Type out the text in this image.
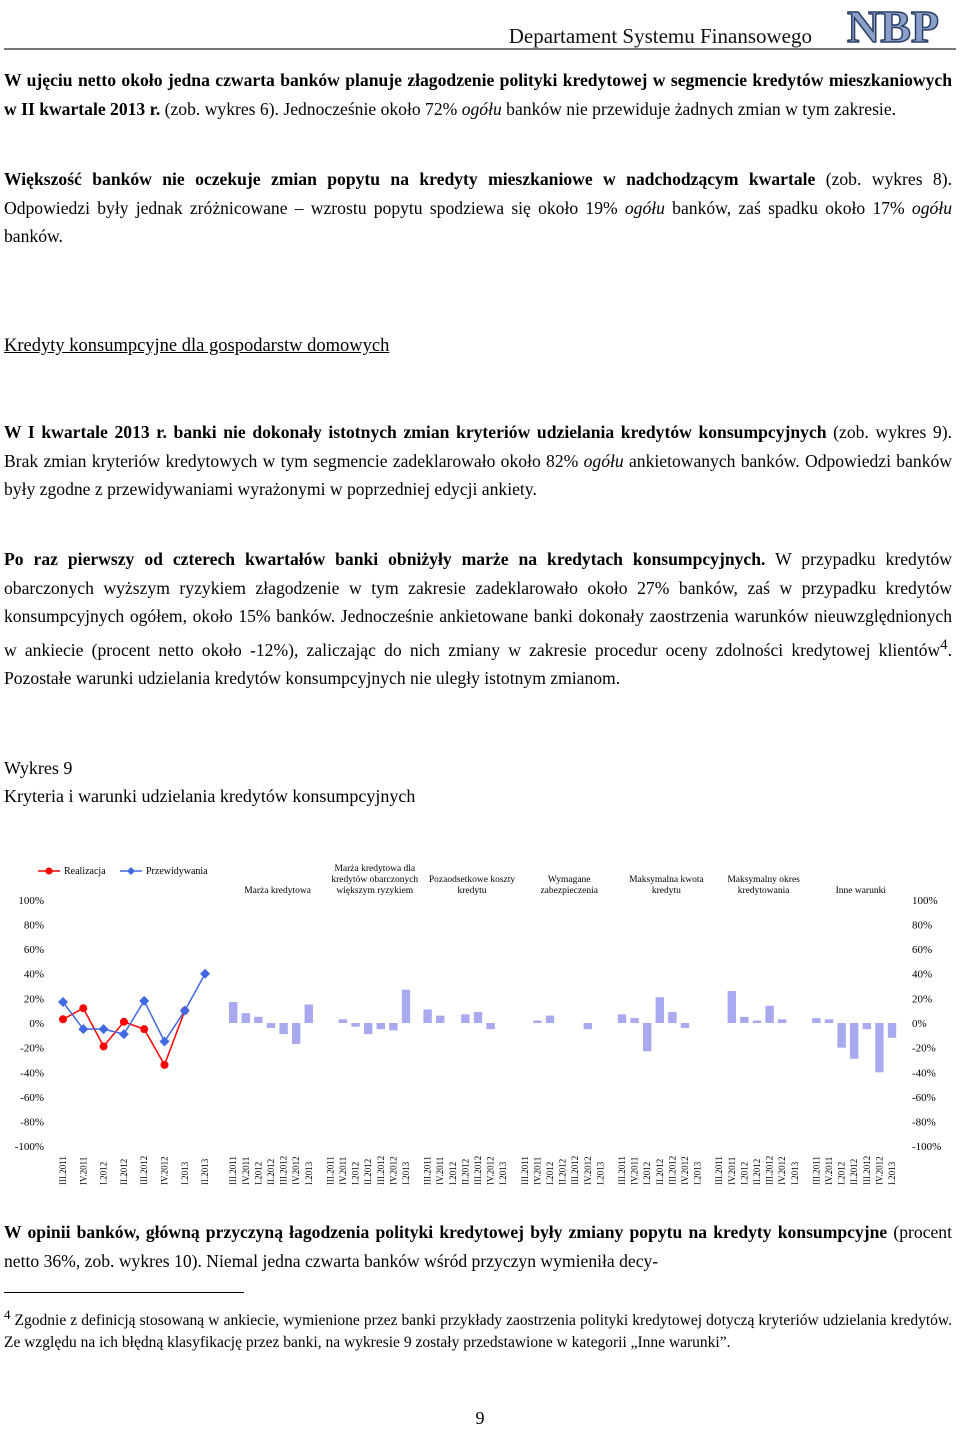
Departament Systemu Finansowego NBP

W ujęciu netto około jedna czwarta banków planuje złagodzenie polityki kredytowej w segmencie kredytów mieszkaniowych w II kwartale 2013 r. (zob. wykres 6). Jednocześnie około 72% ogółu banków nie przewiduje żadnych zmian w tym zakresie.

Większość banków nie oczekuje zmian popytu na kredyty mieszkaniowe w nadchodzącym kwartale (zob. wykres 8). Odpowiedzi były jednak zróżnicowane – wzrostu popytu spodziewa się około 19% ogółu banków, zaś spadku około 17% ogółu banków.

Kredyty konsumpcyjne dla gospodarstw domowych

W I kwartale 2013 r. banki nie dokonały istotnych zmian kryteriów udzielania kredytów konsumpcyjnych (zob. wykres 9). Brak zmian kryteriów kredytowych w tym segmencie zadeklarowało około 82% ogółu ankietowanych banków. Odpowiedzi banków były zgodne z przewidywaniami wyrażonymi w poprzedniej edycji ankiety.

Po raz pierwszy od czterech kwartałów banki obniżyły marże na kredytach konsumpcyjnych. W przypadku kredytów obarczonych wyższym ryzykiem złagodzenie w tym zakresie zadeklarowało około 27% banków, zaś w przypadku kredytów konsumpcyjnych ogółem, około 15% banków. Jednocześnie ankietowane banki dokonały zaostrzenia warunków nieuwzględnionych w ankiecie (procent netto około -12%), zaliczając do nich zmiany w zakresie procedur oceny zdolności kredytowej klientów$^4$. Pozostałe warunki udzielania kredytów konsumpcyjnych nie uległy istotnym zmianom.

Wykres 9
Kryteria i warunki udzielania kredytów konsumpcyjnych
100%	100%
80%	80%
60%	60%
40%	40%
20%	20%
0%	0%
-20%	-20%
-40%	-40%
-60%	-60%
-80%	-80%
-100%	-100%
Realizacja	Przewidywania
III.2011 IV.2011 I.2012 II.2012 III.2012 IV.2012 I.2013 II.2013
Marża kredytowa
III.2011 IV.2011 I.2012 II.2012 III.2012 IV.2012 I.2013
Marża kredytowa dla
kredytów obarczonych
większym ryzykiem
III.2011 IV.2011 I.2012 II.2012 III.2012 IV.2012 I.2013
Pozaodsetkowe koszty
kredytu
III.2011 IV.2011 I.2012 II.2012 III.2012 IV.2012 I.2013
Wymagane
zabezpieczenia
III.2011 IV.2011 I.2012 II.2012 III.2012 IV.2012 I.2013
Maksymalna kwota
kredytu
III.2011 IV.2011 I.2012 II.2012 III.2012 IV.2012 I.2013
Maksymalny okres
kredytowania
III.2011 IV.2011 I.2012 II.2012 III.2012 IV.2012 I.2013
Inne warunki
III.2011 IV.2011 I.2012 II.2012 III.2012 IV.2012 I.2013

W opinii banków, główną przyczyną łagodzenia polityki kredytowej były zmiany popytu na kredyty konsumpcyjne (procent netto 36%, zob. wykres 10). Niemal jedna czwarta banków wśród przyczyn wymieniła decy-

$^4$ Zgodnie z definicją stosowaną w ankiecie, wymienione przez banki przykłady zaostrzenia polityki kredytowej dotyczą kryteriów udzielania kredytów. Ze względu na ich błędną klasyfikację przez banki, na wykresie 9 zostały przedstawione w kategorii „Inne warunki”.
9
